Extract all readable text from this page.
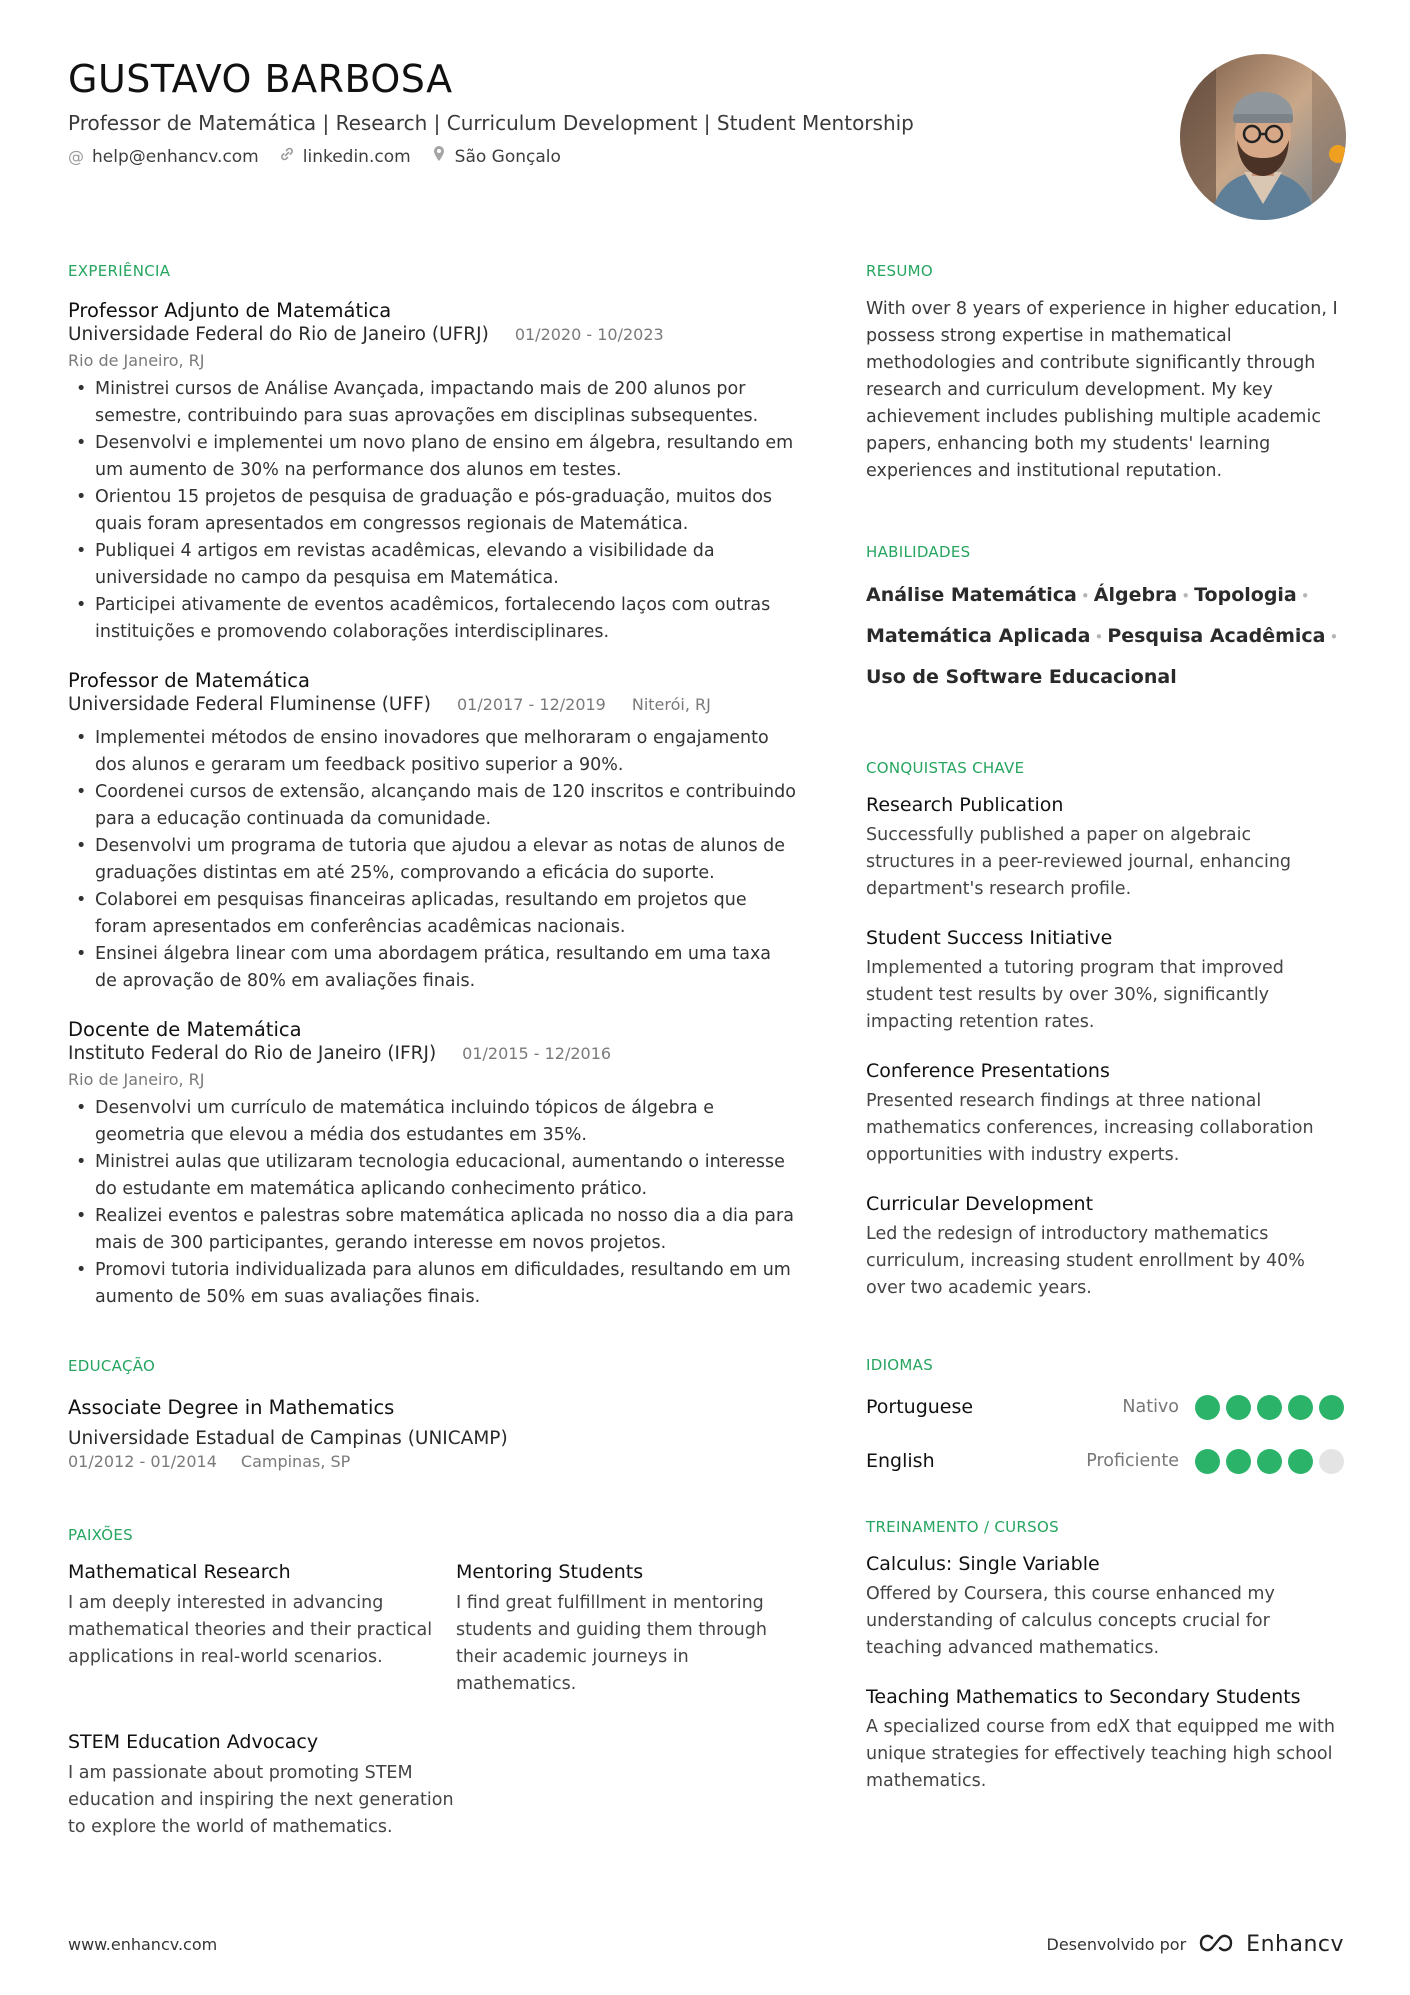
GUSTAVO BARBOSA
Professor de Matemática | Research | Curriculum Development | Student Mentorship
@ help@enhancv.com	linkedin.com	São Gonçalo
EXPERIÊNCIA
Professor Adjunto de Matemática
Universidade Federal do Rio de Janeiro (UFRJ) 01/2020 - 10/2023
Rio de Janeiro, RJ
• Ministrei cursos de Análise Avançada, impactando mais de 200 alunos por semestre, contribuindo para suas aprovações em disciplinas subsequentes.
• Desenvolvi e implementei um novo plano de ensino em álgebra, resultando em um aumento de 30% na performance dos alunos em testes.
• Orientou 15 projetos de pesquisa de graduação e pós-graduação, muitos dos quais foram apresentados em congressos regionais de Matemática.
• Publiquei 4 artigos em revistas acadêmicas, elevando a visibilidade da universidade no campo da pesquisa em Matemática.
• Participei ativamente de eventos acadêmicos, fortalecendo laços com outras instituições e promovendo colaborações interdisciplinares.
Professor de Matemática
Universidade Federal Fluminense (UFF) 01/2017 - 12/2019 Niterói, RJ
• Implementei métodos de ensino inovadores que melhoraram o engajamento dos alunos e geraram um feedback positivo superior a 90%.
• Coordenei cursos de extensão, alcançando mais de 120 inscritos e contribuindo para a educação continuada da comunidade.
• Desenvolvi um programa de tutoria que ajudou a elevar as notas de alunos de graduações distintas em até 25%, comprovando a eficácia do suporte.
• Colaborei em pesquisas financeiras aplicadas, resultando em projetos que foram apresentados em conferências acadêmicas nacionais.
• Ensinei álgebra linear com uma abordagem prática, resultando em uma taxa de aprovação de 80% em avaliações finais.
Docente de Matemática
Instituto Federal do Rio de Janeiro (IFRJ) 01/2015 - 12/2016
Rio de Janeiro, RJ
• Desenvolvi um currículo de matemática incluindo tópicos de álgebra e geometria que elevou a média dos estudantes em 35%.
• Ministrei aulas que utilizaram tecnologia educacional, aumentando o interesse do estudante em matemática aplicando conhecimento prático.
• Realizei eventos e palestras sobre matemática aplicada no nosso dia a dia para mais de 300 participantes, gerando interesse em novos projetos.
• Promovi tutoria individualizada para alunos em dificuldades, resultando em um aumento de 50% em suas avaliações finais.
EDUCAÇÃO
Associate Degree in Mathematics
Universidade Estadual de Campinas (UNICAMP)
01/2012 - 01/2014 Campinas, SP
PAIXÕES
Mathematical Research
I am deeply interested in advancing mathematical theories and their practical applications in real-world scenarios.
Mentoring Students
I find great fulfillment in mentoring students and guiding them through their academic journeys in mathematics.
STEM Education Advocacy
I am passionate about promoting STEM education and inspiring the next generation to explore the world of mathematics.
RESUMO
With over 8 years of experience in higher education, I possess strong expertise in mathematical methodologies and contribute significantly through research and curriculum development. My key achievement includes publishing multiple academic papers, enhancing both my students' learning experiences and institutional reputation.
HABILIDADES
Análise Matemática • Álgebra • Topologia •
Matemática Aplicada • Pesquisa Acadêmica •
Uso de Software Educacional
CONQUISTAS CHAVE
Research Publication
Successfully published a paper on algebraic structures in a peer-reviewed journal, enhancing department's research profile.
Student Success Initiative
Implemented a tutoring program that improved student test results by over 30%, significantly impacting retention rates.
Conference Presentations
Presented research findings at three national mathematics conferences, increasing collaboration opportunities with industry experts.
Curricular Development
Led the redesign of introductory mathematics curriculum, increasing student enrollment by 40% over two academic years.
IDIOMAS
Portuguese	Nativo
English	Proficiente
TREINAMENTO / CURSOS
Calculus: Single Variable
Offered by Coursera, this course enhanced my understanding of calculus concepts crucial for teaching advanced mathematics.
Teaching Mathematics to Secondary Students
A specialized course from edX that equipped me with unique strategies for effectively teaching high school mathematics.
www.enhancv.com	Desenvolvido por	Enhancv
